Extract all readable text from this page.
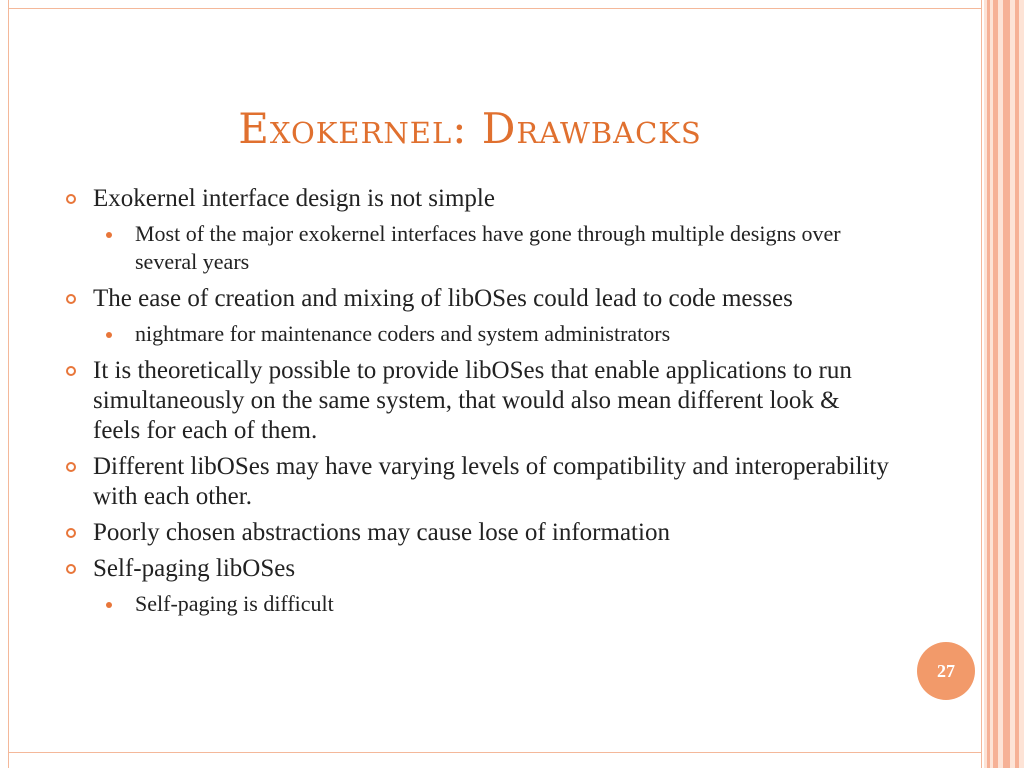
Exokernel: Drawbacks
Exokernel interface design is not simple
Most of the major exokernel interfaces have gone through multiple designs over several years
The ease of creation and mixing of libOSes could lead to code messes
nightmare for maintenance coders and system administrators
It is theoretically possible to provide libOSes that enable applications to run simultaneously on the same system, that would also mean different look & feels for each of them.
Different libOSes may have varying levels of compatibility and interoperability with each other.
Poorly chosen abstractions may cause lose of information
Self-paging libOSes
Self-paging is difficult
27
